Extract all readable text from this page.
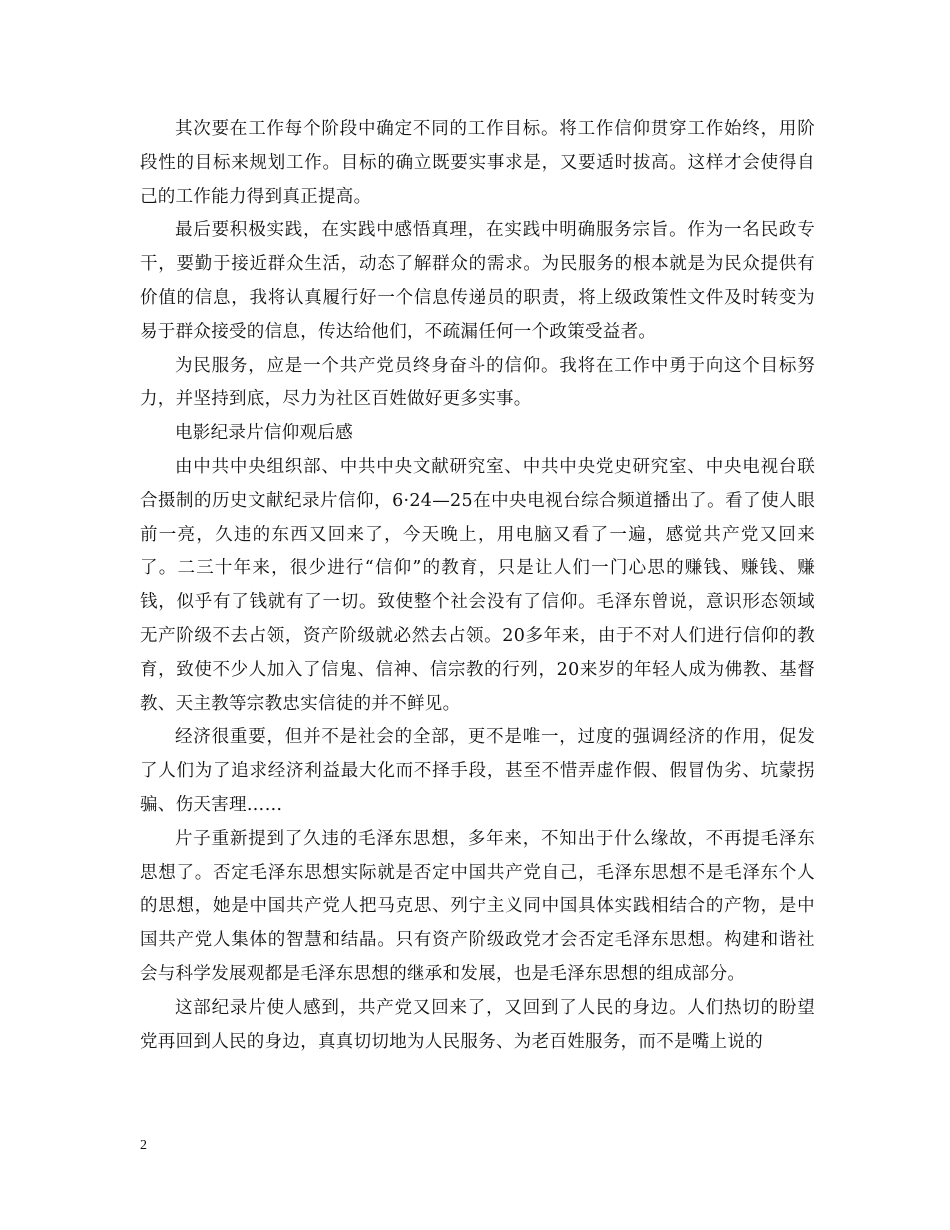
其次要在工作每个阶段中确定不同的工作目标。将工作信仰贯穿工作始终，用阶段性的目标来规划工作。目标的确立既要实事求是，又要适时拔高。这样才会使得自己的工作能力得到真正提高。

最后要积极实践，在实践中感悟真理，在实践中明确服务宗旨。作为一名民政专干，要勤于接近群众生活，动态了解群众的需求。为民服务的根本就是为民众提供有价值的信息，我将认真履行好一个信息传递员的职责，将上级政策性文件及时转变为易于群众接受的信息，传达给他们，不疏漏任何一个政策受益者。

为民服务，应是一个共产党员终身奋斗的信仰。我将在工作中勇于向这个目标努力，并坚持到底，尽力为社区百姓做好更多实事。

电影纪录片信仰观后感

由中共中央组织部、中共中央文献研究室、中共中央党史研究室、中央电视台联合摄制的历史文献纪录片信仰，6·24—25在中央电视台综合频道播出了。看了使人眼前一亮，久违的东西又回来了，今天晚上，用电脑又看了一遍，感觉共产党又回来了。二三十年来，很少进行“信仰”的教育，只是让人们一门心思的赚钱、赚钱、赚钱，似乎有了钱就有了一切。致使整个社会没有了信仰。毛泽东曾说，意识形态领域无产阶级不去占领，资产阶级就必然去占领。20多年来，由于不对人们进行信仰的教育，致使不少人加入了信鬼、信神、信宗教的行列，20来岁的年轻人成为佛教、基督教、天主教等宗教忠实信徒的并不鲜见。

经济很重要，但并不是社会的全部，更不是唯一，过度的强调经济的作用，促发了人们为了追求经济利益最大化而不择手段，甚至不惜弄虚作假、假冒伪劣、坑蒙拐骗、伤天害理……

片子重新提到了久违的毛泽东思想，多年来，不知出于什么缘故，不再提毛泽东思想了。否定毛泽东思想实际就是否定中国共产党自己，毛泽东思想不是毛泽东个人的思想，她是中国共产党人把马克思、列宁主义同中国具体实践相结合的产物，是中国共产党人集体的智慧和结晶。只有资产阶级政党才会否定毛泽东思想。构建和谐社会与科学发展观都是毛泽东思想的继承和发展，也是毛泽东思想的组成部分。

这部纪录片使人感到，共产党又回来了，又回到了人民的身边。人们热切的盼望党再回到人民的身边，真真切切地为人民服务、为老百姓服务，而不是嘴上说的

2
